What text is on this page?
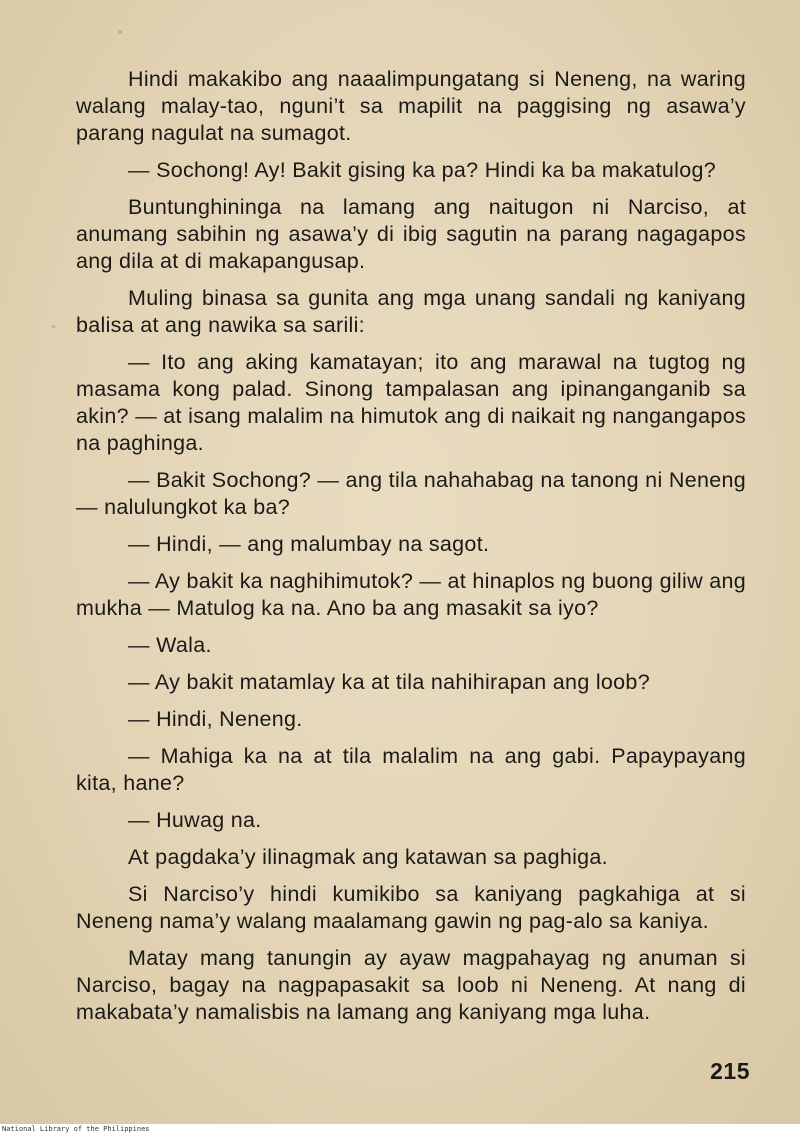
Hindi makakibo ang naaalimpungatang si Neneng, na waring walang malay-tao, nguni’t sa mapilit na paggising ng asawa’y parang nagulat na sumagot.

— Sochong! Ay! Bakit gising ka pa? Hindi ka ba makatulog?

Buntunghininga na lamang ang naitugon ni Narciso, at anumang sabihin ng asawa’y di ibig sagutin na parang nagagapos ang dila at di makapangusap.

Muling binasa sa gunita ang mga unang sandali ng kaniyang balisa at ang nawika sa sarili:

— Ito ang aking kamatayan; ito ang marawal na tugtog ng masama kong palad. Sinong tampalasan ang ipinanganganib sa akin? — at isang malalim na himutok ang di naikait ng nangangapos na paghinga.

— Bakit Sochong? — ang tila nahahabag na tanong ni Neneng — nalulungkot ka ba?

— Hindi, — ang malumbay na sagot.

— Ay bakit ka naghihimutok? — at hinaplos ng buong giliw ang mukha — Matulog ka na. Ano ba ang masakit sa iyo?

— Wala.

— Ay bakit matamlay ka at tila nahihirapan ang loob?

— Hindi, Neneng.

— Mahiga ka na at tila malalim na ang gabi. Papaypayang kita, hane?

— Huwag na.

At pagdaka’y ilinagmak ang katawan sa paghiga.

Si Narciso’y hindi kumikibo sa kaniyang pagkahiga at si Neneng nama’y walang maalamang gawin ng pag-alo sa kaniya.

Matay mang tanungin ay ayaw magpahayag ng anuman si Narciso, bagay na nagpapasakit sa loob ni Neneng. At nang di makabata’y namalisbis na lamang ang kaniyang mga luha.

215
National Library of the Philippines
